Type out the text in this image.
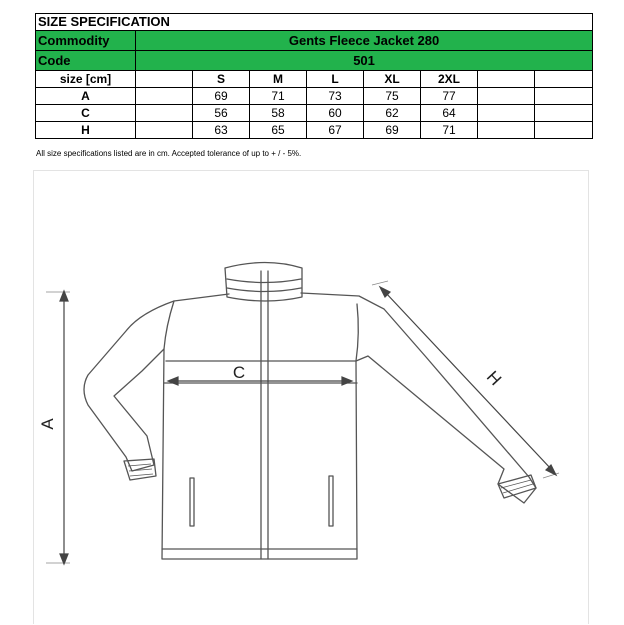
SIZE SPECIFICATION								
Commodity	Gents Fleece Jacket 280							
Code	501							
size [cm]		S	M	L	XL	2XL		
A		69	71	73	75	77		
C		56	58	60	62	64		
H		63	65	67	69	71		
All size specifications listed are in cm. Accepted tolerance of up to + / - 5%.
A
C	H
